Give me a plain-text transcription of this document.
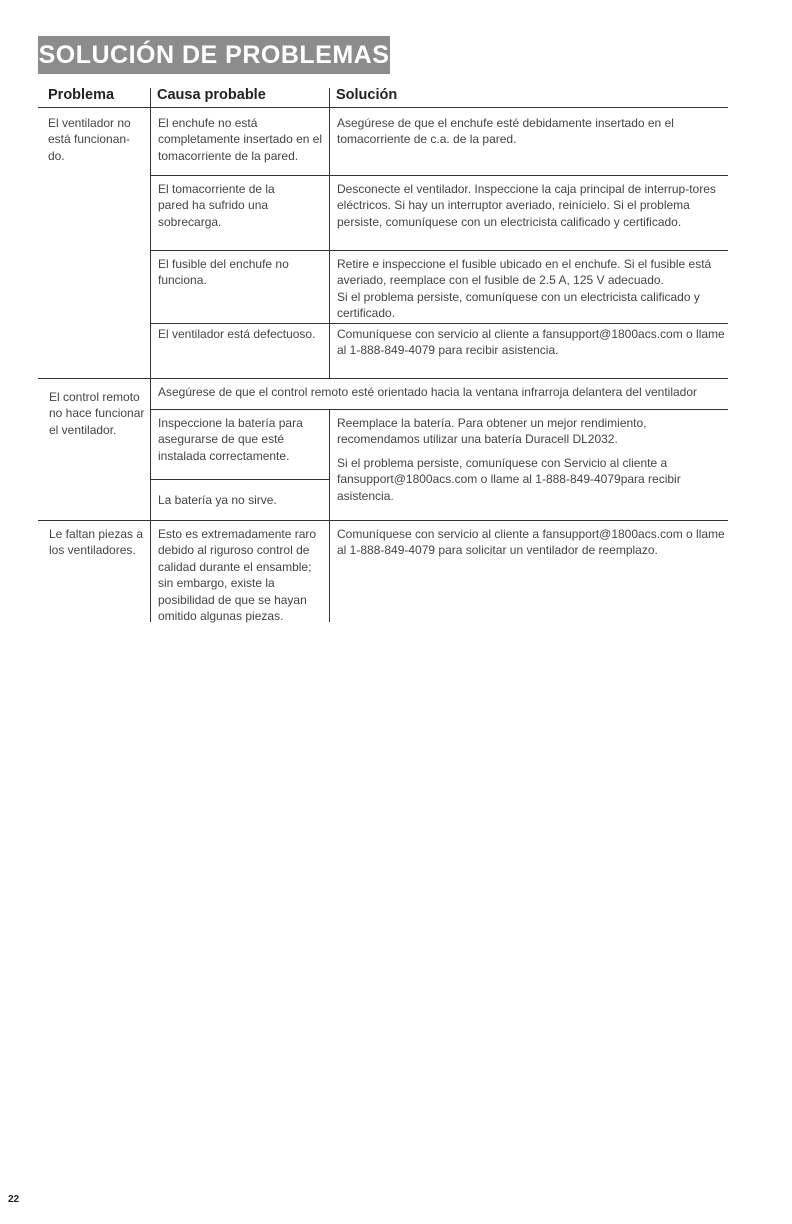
SOLUCIÓN DE PROBLEMAS
Problema	Causa probable	Solución
El ventilador no está funcionan-do.
El enchufe no está completamente insertado en el tomacorriente de la pared.
Asegúrese de que el enchufe esté debidamente insertado en el tomacorriente de c.a. de la pared.
El tomacorriente de la pared ha sufrido una sobrecarga.
Desconecte el ventilador. Inspeccione la caja principal de interrup-tores eléctricos. Si hay un interruptor averiado, reinícielo. Si el problema persiste, comuníquese con un electricista calificado y certificado.
El fusible del enchufe no funciona.
Retire e inspeccione el fusible ubicado en el enchufe. Si el fusible está averiado, reemplace con el fusible de 2.5 A, 125 V adecuado.
Si el problema persiste, comuníquese con un electricista calificado y certificado.
El ventilador está defectuoso. Comuníquese con servicio al cliente a fansupport@1800acs.com o llame al 1-888-849-4079 para recibir asistencia.
El control remoto no hace funcionar el ventilador.
Asegúrese de que el control remoto esté orientado hacia la ventana infrarroja delantera del ventilador
Inspeccione la batería para asegurarse de que esté instalada correctamente.
Reemplace la batería. Para obtener un mejor rendimiento, recomendamos utilizar una batería Duracell DL2032.
La batería ya no sirve.
Si el problema persiste, comuníquese con Servicio al cliente a fansupport@1800acs.com o llame al 1-888-849-4079para recibir asistencia.
Le faltan piezas a los ventiladores.
Esto es extremadamente raro debido al riguroso control de calidad durante el ensamble; sin embargo, existe la posibilidad de que se hayan omitido algunas piezas.
Comuníquese con servicio al cliente a fansupport@1800acs.com o llame al 1-888-849-4079 para solicitar un ventilador de reemplazo.
22
